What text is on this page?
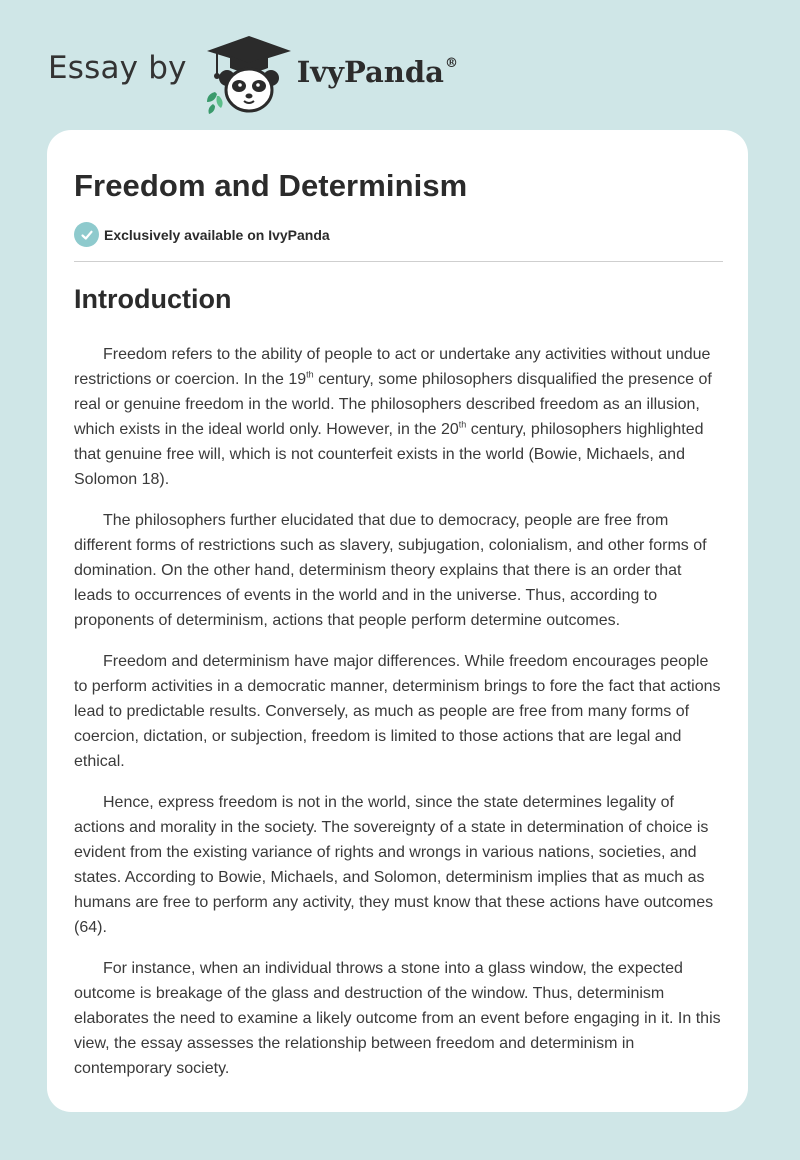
Essay by	IvyPanda®
Freedom and Determinism
Exclusively available on IvyPanda
Introduction

Freedom refers to the ability of people to act or undertake any activities without undue restrictions or coercion. In the 19th century, some philosophers disqualified the presence of real or genuine freedom in the world. The philosophers described freedom as an illusion, which exists in the ideal world only. However, in the 20th century, philosophers highlighted that genuine free will, which is not counterfeit exists in the world (Bowie, Michaels, and Solomon 18).

The philosophers further elucidated that due to democracy, people are free from different forms of restrictions such as slavery, subjugation, colonialism, and other forms of domination. On the other hand, determinism theory explains that there is an order that leads to occurrences of events in the world and in the universe. Thus, according to proponents of determinism, actions that people perform determine outcomes.

Freedom and determinism have major differences. While freedom encourages people to perform activities in a democratic manner, determinism brings to fore the fact that actions lead to predictable results. Conversely, as much as people are free from many forms of coercion, dictation, or subjection, freedom is limited to those actions that are legal and ethical.

Hence, express freedom is not in the world, since the state determines legality of actions and morality in the society. The sovereignty of a state in determination of choice is evident from the existing variance of rights and wrongs in various nations, societies, and states. According to Bowie, Michaels, and Solomon, determinism implies that as much as humans are free to perform any activity, they must know that these actions have outcomes (64).

For instance, when an individual throws a stone into a glass window, the expected outcome is breakage of the glass and destruction of the window. Thus, determinism elaborates the need to examine a likely outcome from an event before engaging in it. In this view, the essay assesses the relationship between freedom and determinism in contemporary society.
